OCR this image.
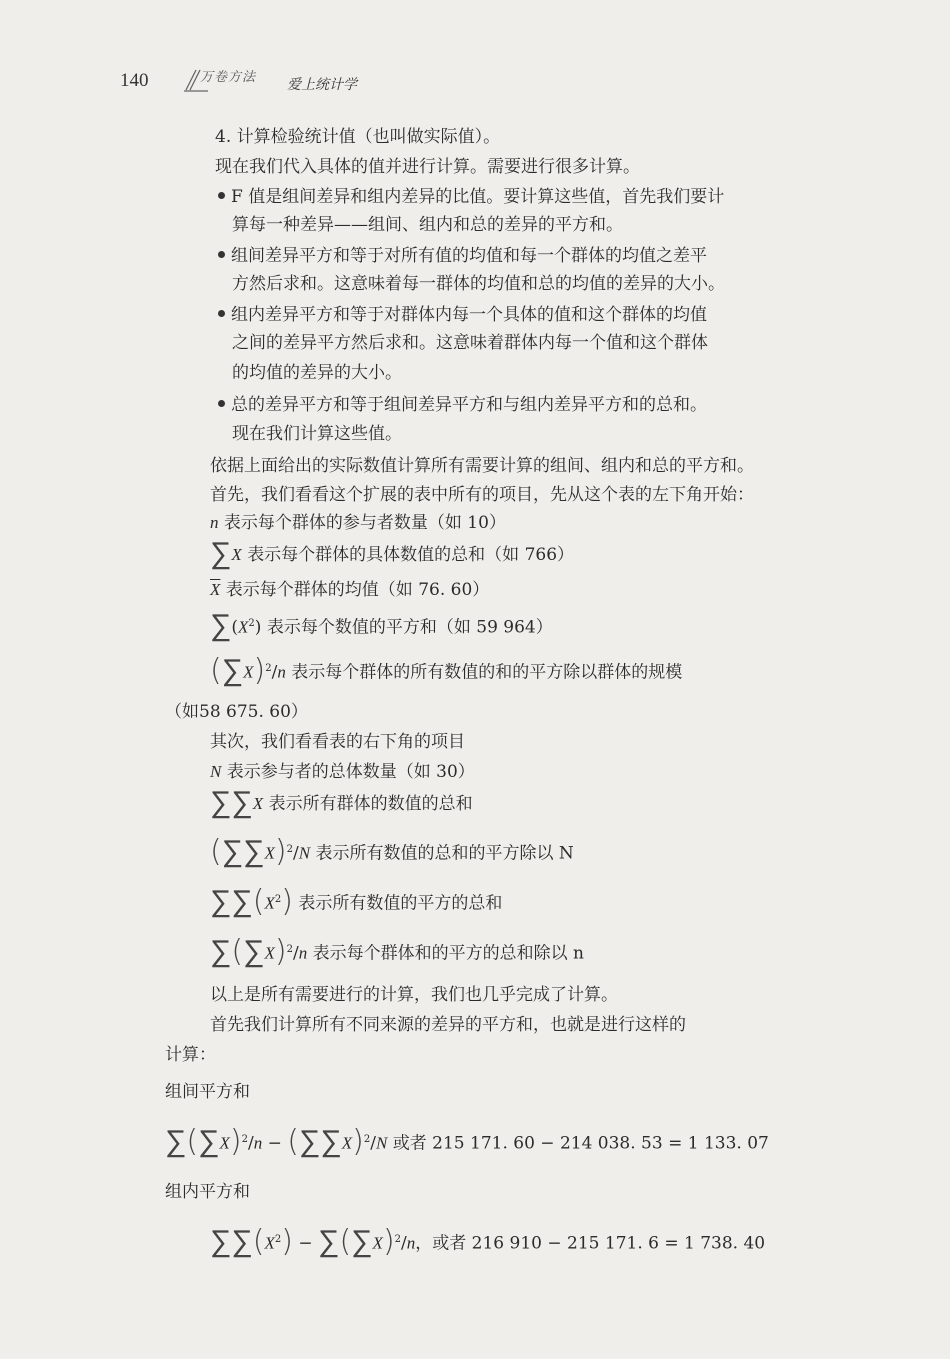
140	万卷方法 爱上统计学
4. 计算检验统计值（也叫做实际值）。
现在我们代入具体的值并进行计算。需要进行很多计算。
F 值是组间差异和组内差异的比值。要计算这些值，首先我们要计
算每一种差异——组间、组内和总的差异的平方和。
组间差异平方和等于对所有值的均值和每一个群体的均值之差平
方然后求和。这意味着每一群体的均值和总的均值的差异的大小。
组内差异平方和等于对群体内每一个具体的值和这个群体的均值
之间的差异平方然后求和。这意味着群体内每一个值和这个群体
的均值的差异的大小。
总的差异平方和等于组间差异平方和与组内差异平方和的总和。
现在我们计算这些值。
依据上面给出的实际数值计算所有需要计算的组间、组内和总的平方和。
首先，我们看看这个扩展的表中所有的项目，先从这个表的左下角开始：
n 表示每个群体的参与者数量（如 10）
∑X 表示每个群体的具体数值的总和（如 766）
$\overline{X}$ 表示每个群体的均值（如 76. 60）
$\sum(X^2)$ 表示每个数值的平方和（如 59 964）
$(\sum X)^2/n$ 表示每个群体的所有数值的和的平方除以群体的规模
（如58 675. 60）
其次，我们看看表的右下角的项目
N 表示参与者的总体数量（如 30）
∑∑X 表示所有群体的数值的总和
$(\sum\sum X)^2/N$ 表示所有数值的总和的平方除以 N
$\sum\sum(X^2)$ 表示所有数值的平方的总和
$\sum(\sum X)^2/n$ 表示每个群体和的平方的总和除以 n
以上是所有需要进行的计算，我们也几乎完成了计算。
首先我们计算所有不同来源的差异的平方和，也就是进行这样的
计算：
组间平方和
$\sum(\sum X)^2/n - (\sum\sum X)^2/N$ 或者 215 171. 60 − 214 038. 53 = 1 133. 07
组内平方和
$\sum\sum(X^2) - \sum(\sum X)^2/n$，或者 216 910 − 215 171. 6 = 1 738. 40
